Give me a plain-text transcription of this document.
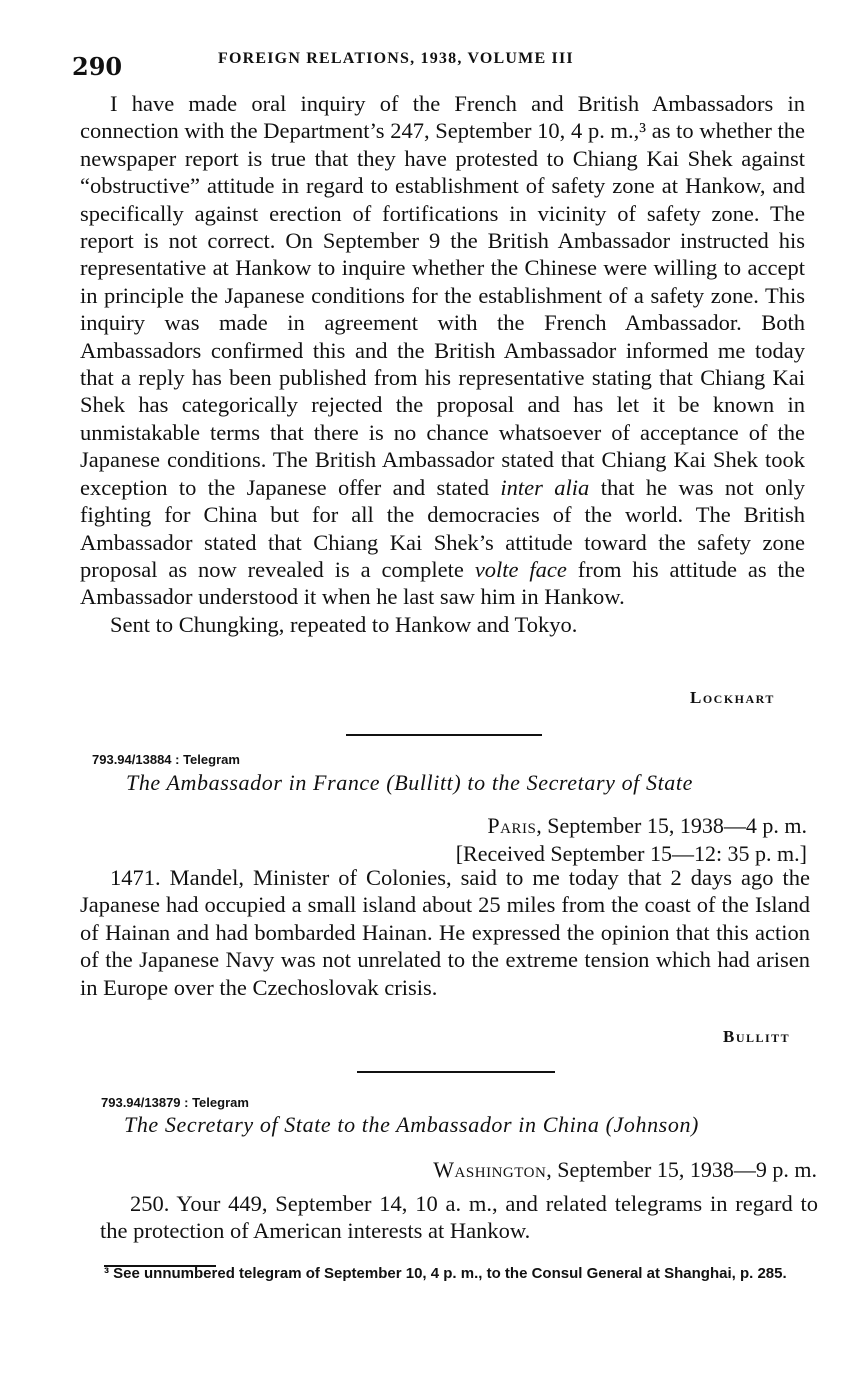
290	FOREIGN RELATIONS, 1938, VOLUME III

I have made oral inquiry of the French and British Ambassadors in connection with the Department’s 247, September 10, 4 p. m.,³ as to whether the newspaper report is true that they have protested to Chiang Kai Shek against “obstructive” attitude in regard to establishment of safety zone at Hankow, and specifically against erection of fortifications in vicinity of safety zone. The report is not correct. On September 9 the British Ambassador instructed his representative at Hankow to inquire whether the Chinese were willing to accept in principle the Japanese conditions for the establishment of a safety zone. This inquiry was made in agreement with the French Ambassador. Both Ambassadors confirmed this and the British Ambassador informed me today that a reply has been published from his representative stating that Chiang Kai Shek has categorically rejected the proposal and has let it be known in unmistakable terms that there is no chance whatsoever of acceptance of the Japanese conditions. The British Ambassador stated that Chiang Kai Shek took exception to the Japanese offer and stated inter alia that he was not only fighting for China but for all the democracies of the world. The British Ambassador stated that Chiang Kai Shek’s attitude toward the safety zone proposal as now revealed is a complete volte face from his attitude as the Ambassador understood it when he last saw him in Hankow.

Sent to Chungking, repeated to Hankow and Tokyo.

Lockhart
793.94/13884 : Telegram
The Ambassador in France (Bullitt) to the Secretary of State
Paris, September 15, 1938—4 p. m.
[Received September 15—12: 35 p. m.]

1471. Mandel, Minister of Colonies, said to me today that 2 days ago the Japanese had occupied a small island about 25 miles from the coast of the Island of Hainan and had bombarded Hainan. He expressed the opinion that this action of the Japanese Navy was not unrelated to the extreme tension which had arisen in Europe over the Czechoslovak crisis.

Bullitt
793.94/13879 : Telegram
The Secretary of State to the Ambassador in China (Johnson)
Washington, September 15, 1938—9 p. m.

250. Your 449, September 14, 10 a. m., and related telegrams in regard to the protection of American interests at Hankow.

³ See unnumbered telegram of September 10, 4 p. m., to the Consul General at Shanghai, p. 285.
